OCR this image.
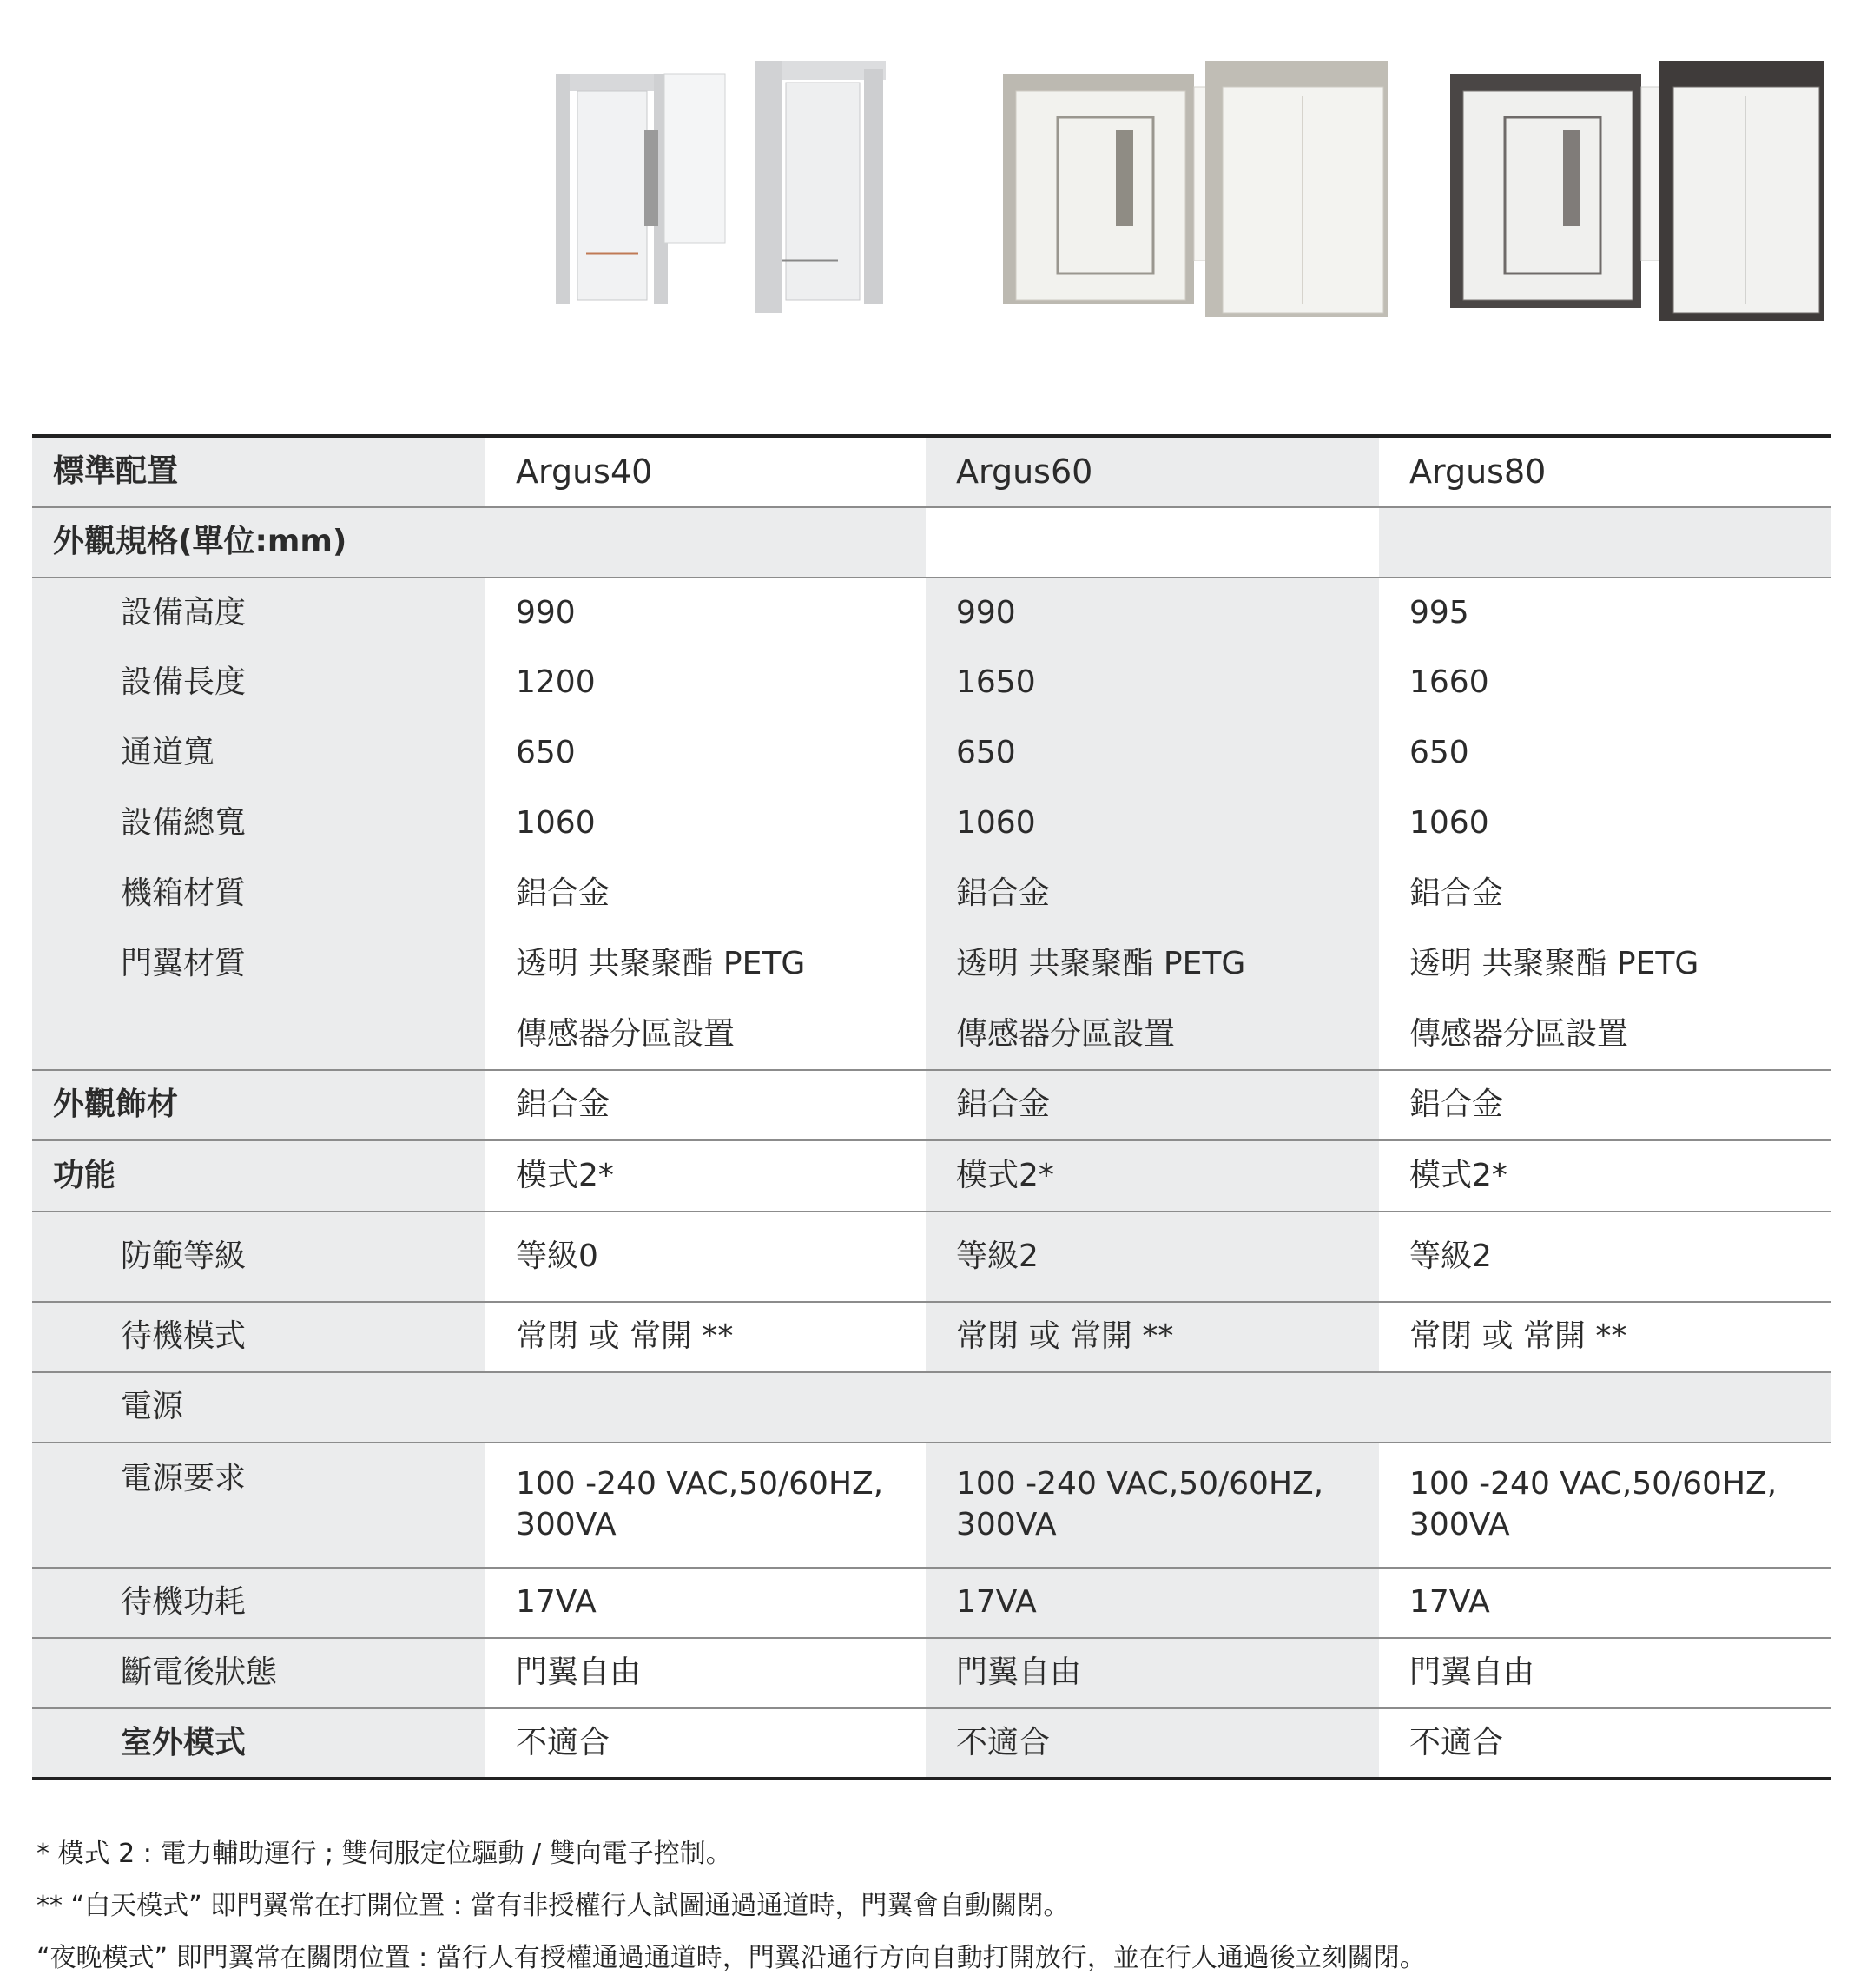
標準配置	Argus40	Argus60	Argus80
外觀規格(單位:mm)			
設備高度	990	990	995
設備長度	1200	1650	1660
通道寬	650	650	650
設備總寬	1060	1060	1060
機箱材質	鋁合金	鋁合金	鋁合金
門翼材質	透明 共聚聚酯 PETG	透明 共聚聚酯 PETG	透明 共聚聚酯 PETG
	傳感器分區設置	傳感器分區設置	傳感器分區設置
外觀飾材	鋁合金	鋁合金	鋁合金
功能	模式2*	模式2*	模式2*
防範等級	等級0	等級2	等級2
待機模式	常閉 或 常開 **	常閉 或 常開 **	常閉 或 常開 **
電源			
電源要求	100 -240 VAC,50/60HZ, 300VA	100 -240 VAC,50/60HZ, 300VA	100 -240 VAC,50/60HZ, 300VA
待機功耗	17VA	17VA	17VA
斷電後狀態	門翼自由	門翼自由	門翼自由
室外模式	不適合	不適合	不適合
* 模式 2 : 電力輔助運行 ; 雙伺服定位驅動 / 雙向電子控制。
** “白天模式” 即門翼常在打開位置 : 當有非授權行人試圖通過通道時，門翼會自動關閉。
“夜晚模式” 即門翼常在關閉位置 : 當行人有授權通過通道時，門翼沿通行方向自動打開放行，並在行人通過後立刻關閉。
